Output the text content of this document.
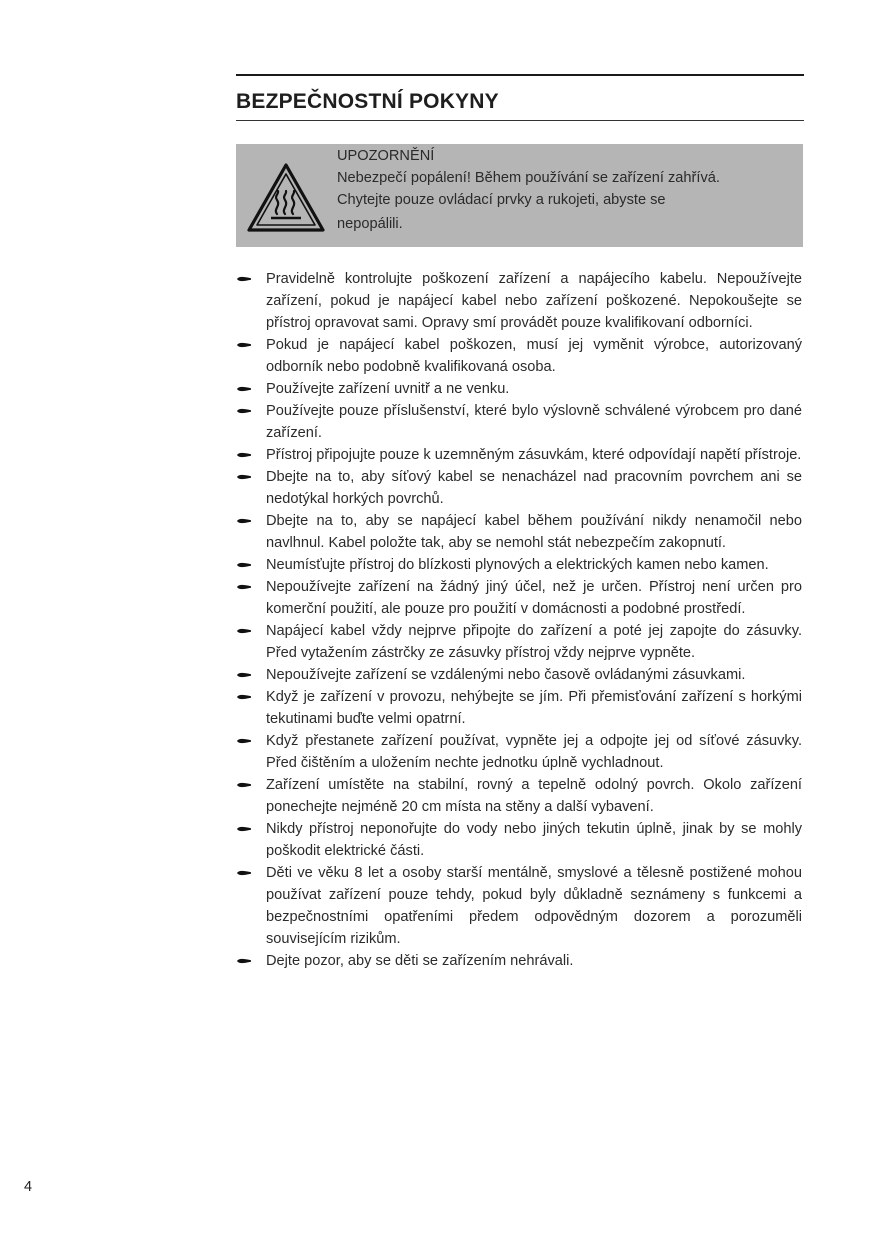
BEZPEČNOSTNÍ POKYNY
UPOZORNĚNÍ
Nebezpečí popálení! Během používání se zařízení zahřívá.
Chytejte pouze ovládací prvky a rukojeti, abyste se
nepopálili.
Pravidelně kontrolujte poškození zařízení a napájecího kabelu. Nepoužívejte zařízení, pokud je napájecí kabel nebo zařízení poškozené. Nepokoušejte se přístroj opravovat sami. Opravy smí provádět pouze kvalifikovaní odborníci.
Pokud je napájecí kabel poškozen, musí jej vyměnit výrobce, autorizovaný odborník nebo podobně kvalifikovaná osoba.
Používejte zařízení uvnitř a ne venku.
Používejte pouze příslušenství, které bylo výslovně schválené výrobcem pro dané zařízení.
Přístroj připojujte pouze k uzemněným zásuvkám, které odpovídají napětí přístroje.
Dbejte na to, aby síťový kabel se nenacházel nad pracovním povrchem ani se nedotýkal horkých povrchů.
Dbejte na to, aby se napájecí kabel během používání nikdy nenamočil nebo navlhnul. Kabel položte tak, aby se nemohl stát nebezpečím zakopnutí.
Neumísťujte přístroj do blízkosti plynových a elektrických kamen nebo kamen.
Nepoužívejte zařízení na žádný jiný účel, než je určen. Přístroj není určen pro komerční použití, ale pouze pro použití v domácnosti a podobné prostředí.
Napájecí kabel vždy nejprve připojte do zařízení a poté jej zapojte do zásuvky. Před vytažením zástrčky ze zásuvky přístroj vždy nejprve vypněte.
Nepoužívejte zařízení se vzdálenými nebo časově ovládanými zásuvkami.
Když je zařízení v provozu, nehýbejte se jím. Při přemisťování zařízení s horkými tekutinami buďte velmi opatrní.
Když přestanete zařízení používat, vypněte jej a odpojte jej od síťové zásuvky. Před čištěním a uložením nechte jednotku úplně vychladnout.
Zařízení umístěte na stabilní, rovný a tepelně odolný povrch. Okolo zařízení ponechejte nejméně 20 cm místa na stěny a další vybavení.
Nikdy přístroj neponořujte do vody nebo jiných tekutin úplně, jinak by se mohly poškodit elektrické části.
Děti ve věku 8 let a osoby starší mentálně, smyslové a tělesně postižené mohou používat zařízení pouze tehdy, pokud byly důkladně seznámeny s funkcemi a bezpečnostními opatřeními předem odpovědným dozorem a porozuměli souvisejícím rizikům.
Dejte pozor, aby se děti se zařízením nehrávali.
4
